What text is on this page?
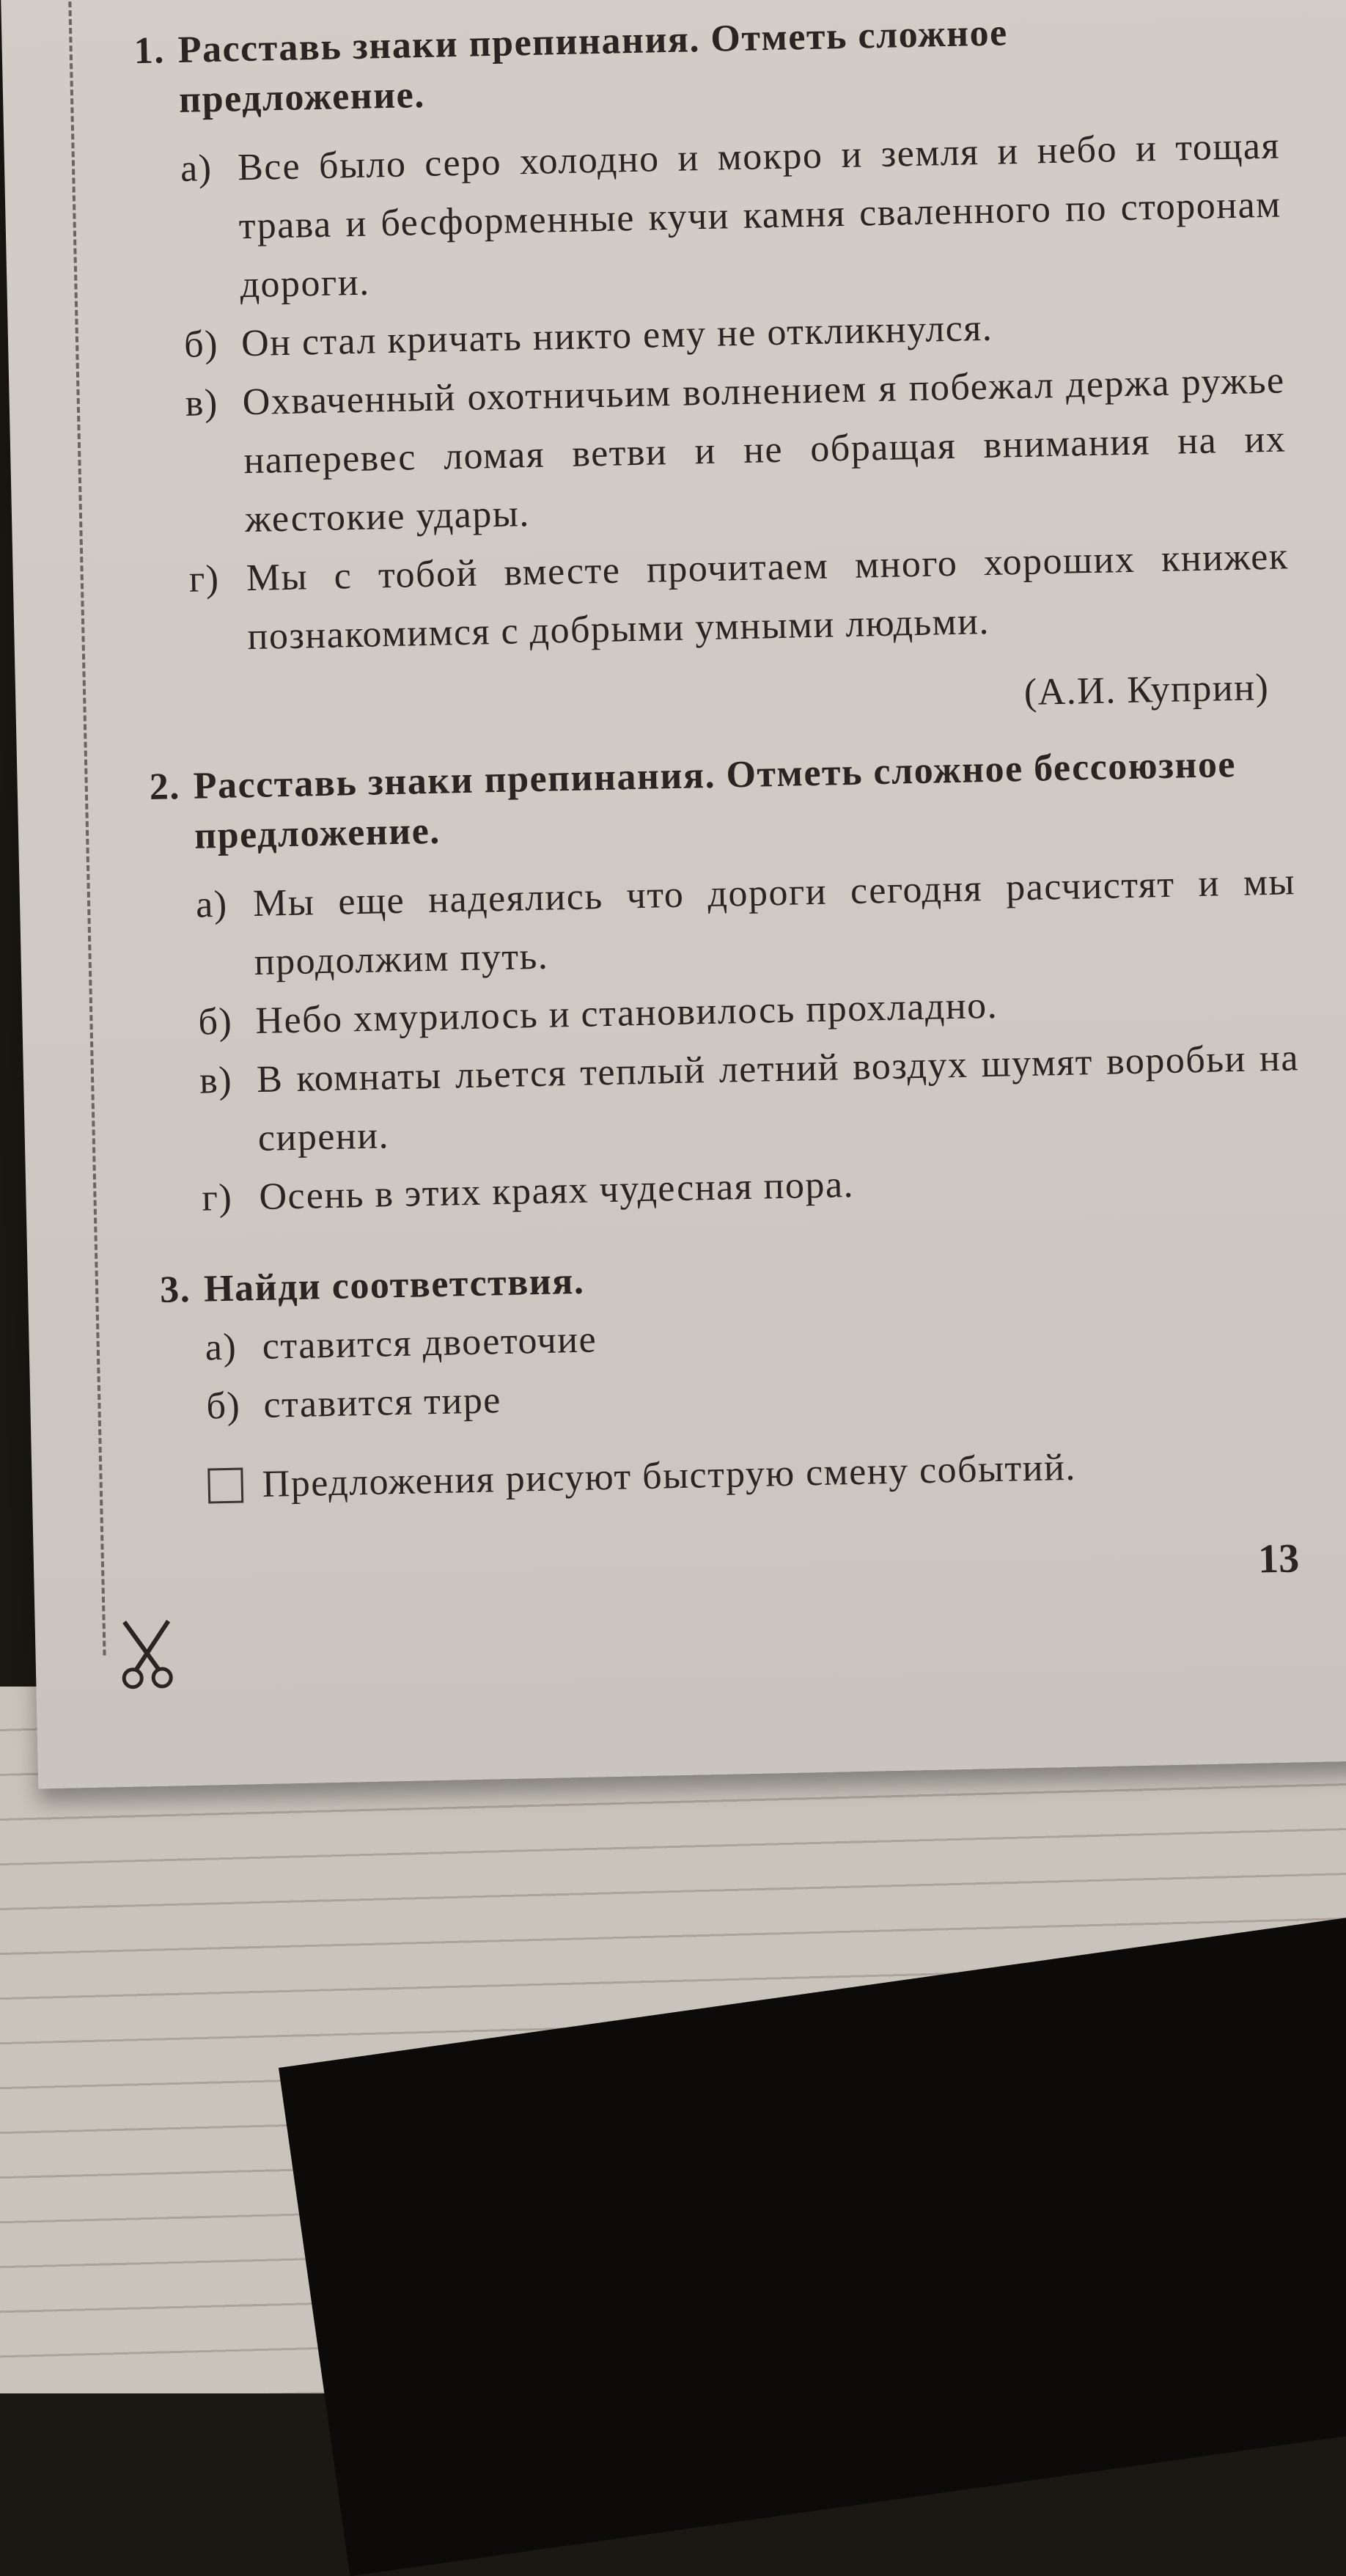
1. Расставь знаки препинания. Отметь сложное предложение.
а) Все было серо холодно и мокро и земля и небо и тощая трава и бесформенные кучи камня сваленного по сторонам дороги.
б) Он стал кричать никто ему не откликнулся.
в) Охваченный охотничьим волнением я побежал держа ружье наперевес ломая ветви и не обращая внимания на их жестокие удары.
г) Мы с тобой вместе прочитаем много хороших книжек познакомимся с добрыми умными людьми.
(А.И. Куприн)
2. Расставь знаки препинания. Отметь сложное бессоюзное предложение.
а) Мы еще надеялись что дороги сегодня расчистят и мы продолжим путь.
б) Небо хмурилось и становилось прохладно.
в) В комнаты льется теплый летний воздух шумят воробьи на сирени.
г) Осень в этих краях чудесная пора.
3. Найди соответствия.
а) ставится двоеточие
б) ставится тире
Предложения рисуют быструю смену событий.
13
